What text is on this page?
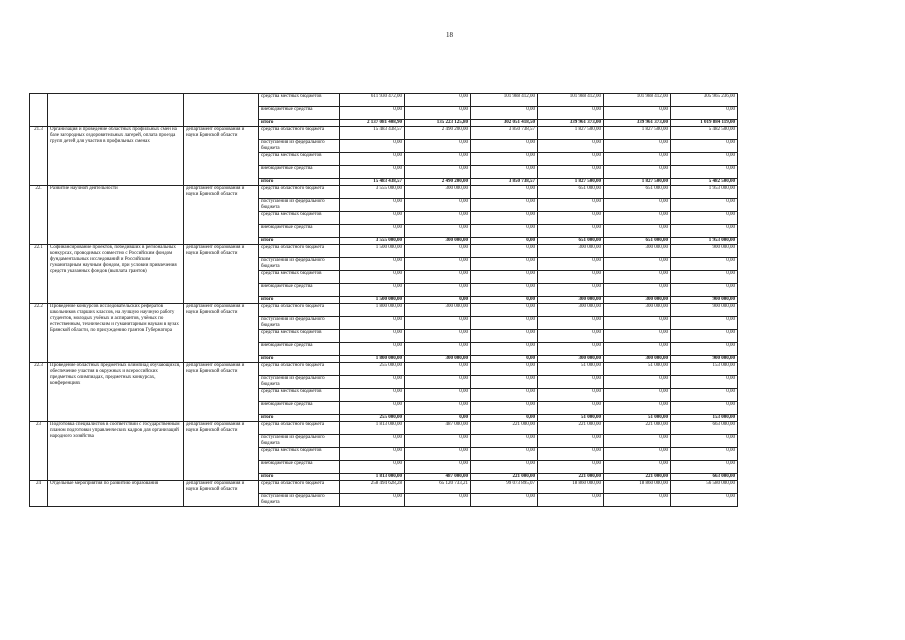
18
			средства местных бюджетов	611 930 472,00	0,00	101 988 412,00	101 988 412,00	101 988 412,00	305 965 236,00
			внебюджетные средства	0,00	0,00	0,00	0,00	0,00	0,00
			итого	2 137 081 408,90	135 223 125,80	302 051 418,50	339 961 373,00	339 961 373,00	1 019 884 119,00
21.3	Организация и проведение областных профильных смен на базе загородных оздоровительных лагерей, оплата проезда групп детей для участия в профильных сменах	департамент образования и науки Брянской области	средства областного бюджета	15 483 438,57	2 490 200,00	3 850 738,57	1 827 500,00	1 827 500,00	5 482 500,00
			поступления из федерального бюджета	0,00	0,00	0,00	0,00	0,00	0,00
			средства местных бюджетов	0,00	0,00	0,00	0,00	0,00	0,00
			внебюджетные средства	0,00	0,00	0,00	0,00	0,00	0,00
			итого	15 483 438,57	2 490 200,00	3 850 738,57	1 827 500,00	1 827 500,00	5 482 500,00
22.	Развитие научной деятельности	департамент образования и науки Брянской области	средства областного бюджета	3 555 000,00	300 000,00	0,00	651 000,00	651 000,00	1 953 000,00
			поступления из федерального бюджета	0,00	0,00	0,00	0,00	0,00	0,00
			средства местных бюджетов	0,00	0,00	0,00	0,00	0,00	0,00
			внебюджетные средства	0,00	0,00	0,00	0,00	0,00	0,00
			итого	3 555 000,00	300 000,00	0,00	651 000,00	651 000,00	1 953 000,00
22.1	Софинансирование проектов, победивших в региональных конкурсах, проводимых совместно с Российским фондом фундаментальных исследований и Российским гуманитарным научным фондом, при условии привлечения средств указанных фондов (выплата грантов)	департамент образования и науки Брянской области	средства областного бюджета	1 500 000,00	0,00	0,00	300 000,00	300 000,00	900 000,00
			поступления из федерального бюджета	0,00	0,00	0,00	0,00	0,00	0,00
			средства местных бюджетов	0,00	0,00	0,00	0,00	0,00	0,00
			внебюджетные средства	0,00	0,00	0,00	0,00	0,00	0,00
			итого	1 500 000,00	0,00	0,00	300 000,00	300 000,00	900 000,00
22.2	Проведение конкурсов исследовательских рефератов школьников старших классов, на лучшую научную работу студентов, молодых учёных и аспирантов, учёных по естественным, техническим и гуманитарным наукам в вузах Брянской области, по присуждению грантов Губернатора	департамент образования и науки Брянской области	средства областного бюджета	1 800 000,00	300 000,00	0,00	300 000,00	300 000,00	900 000,00
			поступления из федерального бюджета	0,00	0,00	0,00	0,00	0,00	0,00
			средства местных бюджетов	0,00	0,00	0,00	0,00	0,00	0,00
			внебюджетные средства	0,00	0,00	0,00	0,00	0,00	0,00
			итого	1 800 000,00	300 000,00	0,00	300 000,00	300 000,00	900 000,00
22.3	Проведение областных предметных олимпиад обучающихся, обеспечение участия в окружных и всероссийских предметных олимпиадах, предметных конкурсах, конференциях	департамент образования и науки Брянской области	средства областного бюджета	255 000,00	0,00	0,00	51 000,00	51 000,00	153 000,00
			поступления из федерального бюджета	0,00	0,00	0,00	0,00	0,00	0,00
			средства местных бюджетов	0,00	0,00	0,00	0,00	0,00	0,00
			внебюджетные средства	0,00	0,00	0,00	0,00	0,00	0,00
			итого	255 000,00	0,00	0,00	51 000,00	51 000,00	153 000,00
23	Подготовка специалистов в соответствии с государственным планом подготовки управленческих кадров для организаций народного хозяйства	департамент образования и науки Брянской области	средства областного бюджета	1 813 000,00	487 000,00	221 000,00	221 000,00	221 000,00	663 000,00
			поступления из федерального бюджета	0,00	0,00	0,00	0,00	0,00	0,00
			средства местных бюджетов	0,00	0,00	0,00	0,00	0,00	0,00
			внебюджетные средства	0,00	0,00	0,00	0,00	0,00	0,00
			итого	1 813 000,00	487 000,00	221 000,00	221 000,00	221 000,00	663 000,00
24	Отдельные мероприятия по развитию образования	департамент образования и науки Брянской области	средства областного бюджета	258 494 628,28	65 120 733,21	99 073 895,07	18 860 000,00	18 860 000,00	56 580 000,00
			поступления из федерального бюджета	0,00	0,00	0,00	0,00	0,00	0,00
